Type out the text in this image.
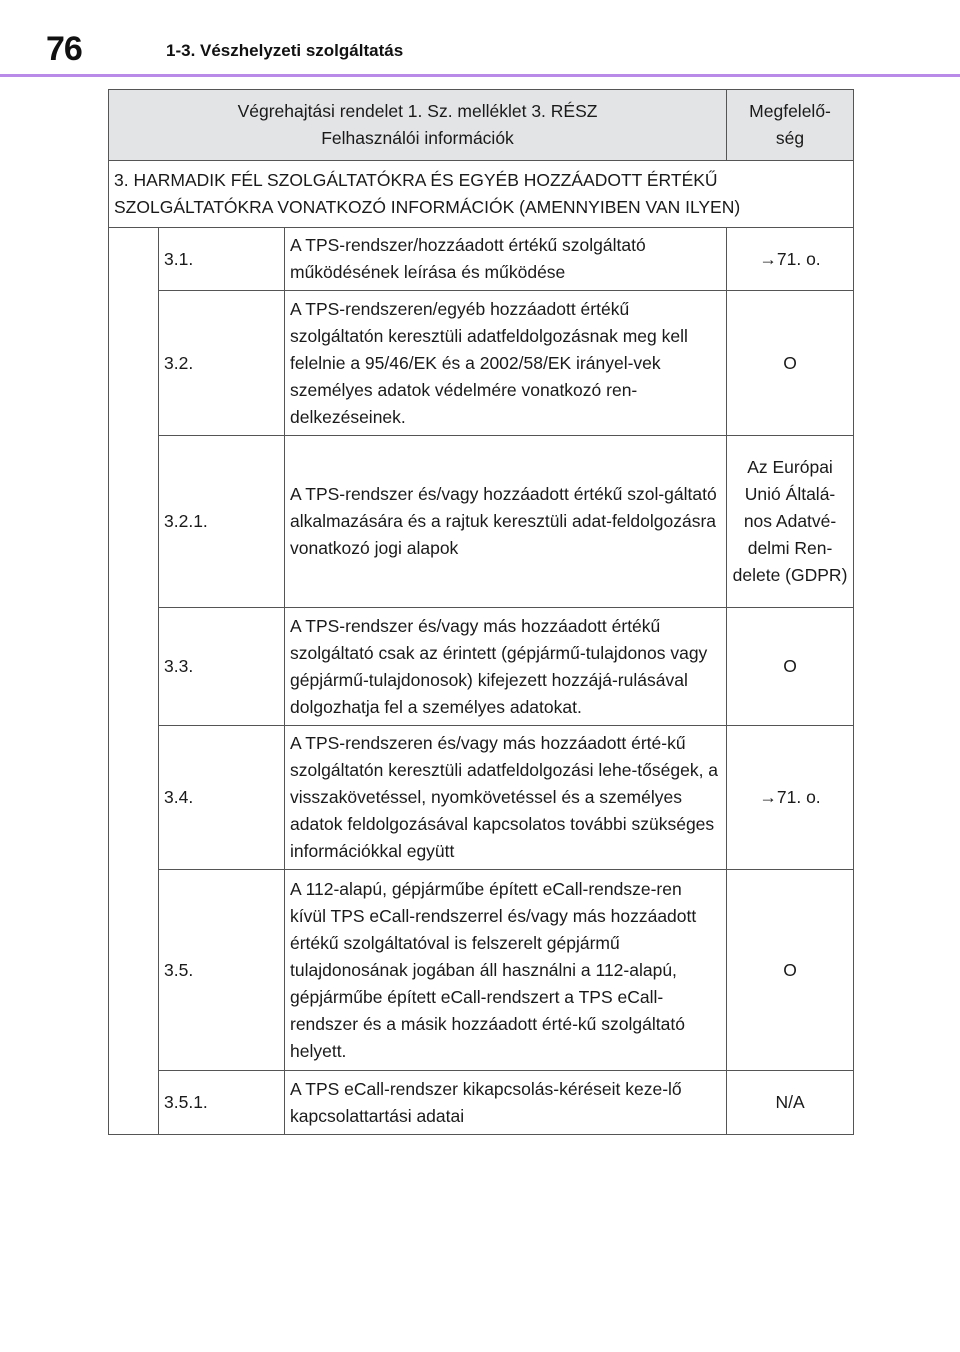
76	1-3. Vészhelyzeti szolgáltatás
Végrehajtási rendelet 1. Sz. melléklet 3. RÉSZ
Felhasználói információk			Megfelelő-ség

3. HARMADIK FÉL SZOLGÁLTATÓKRA ÉS EGYÉB HOZZÁADOTT ÉRTÉKŰ SZOLGÁLTATÓKRA VONATKOZÓ INFORMÁCIÓK (AMENNYIBEN VAN ILYEN)			
	3.1.	A TPS-rendszer/hozzáadott értékű szolgáltató működésének leírása és működése	→71. o.
	3.2.	A TPS-rendszeren/egyéb hozzáadott értékű szolgáltatón keresztüli adatfeldolgozásnak meg kell felelnie a 95/46/EK és a 2002/58/EK irányel-vek személyes adatok védelmére vonatkozó ren-delkezéseinek.	O
	3.2.1.	A TPS-rendszer és/vagy hozzáadott értékű szol-gáltató alkalmazására és a rajtuk keresztüli adat-feldolgozásra vonatkozó jogi alapok	Az Európai Unió Általá-nos Adatvé-delmi Ren-delete (GDPR)
	3.3.	A TPS-rendszer és/vagy más hozzáadott értékű szolgáltató csak az érintett (gépjármű-tulajdonos vagy gépjármű-tulajdonosok) kifejezett hozzájá-rulásával dolgozhatja fel a személyes adatokat.	O
	3.4.	A TPS-rendszeren és/vagy más hozzáadott érté-kű szolgáltatón keresztüli adatfeldolgozási lehe-tőségek, a visszakövetéssel, nyomkövetéssel és a személyes adatok feldolgozásával kapcsolatos további szükséges információkkal együtt	→71. o.
	3.5.	A 112-alapú, gépjárműbe épített eCall-rendsze-ren kívül TPS eCall-rendszerrel és/vagy más hozzáadott értékű szolgáltatóval is felszerelt gépjármű tulajdonosának jogában áll használni a 112-alapú, gépjárműbe épített eCall-rendszert a TPS eCall-rendszer és a másik hozzáadott érté-kű szolgáltató helyett.	O
	3.5.1.	A TPS eCall-rendszer kikapcsolás-kéréseit keze-lő kapcsolattartási adatai	N/A
